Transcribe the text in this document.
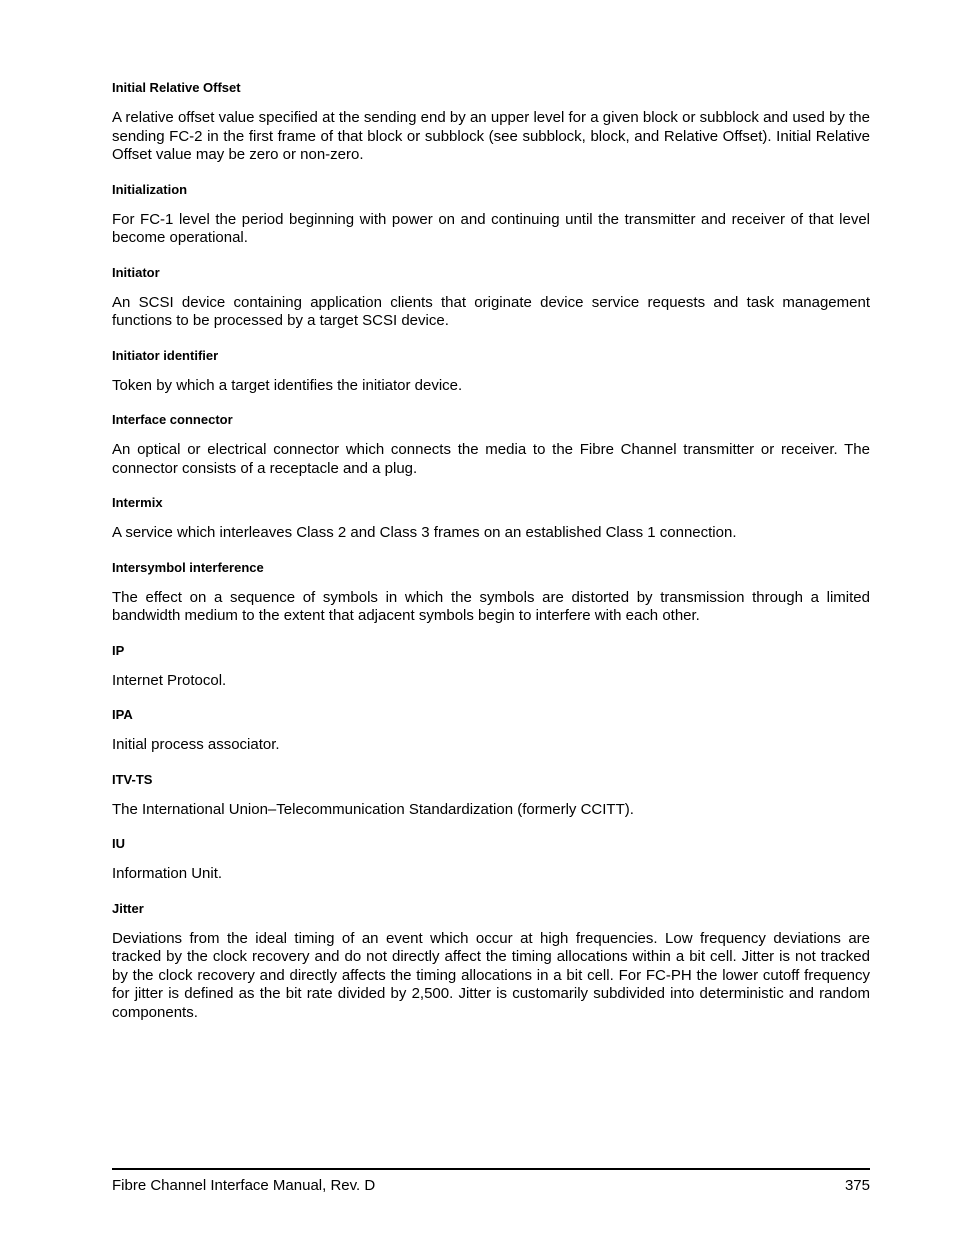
Initial Relative Offset

A relative offset value specified at the sending end by an upper level for a given block or subblock and used by the sending FC-2 in the first frame of that block or subblock (see subblock, block, and Relative Offset). Initial Relative Offset value may be zero or non-zero.

Initialization

For FC-1 level the period beginning with power on and continuing until the transmitter and receiver of that level become operational.

Initiator

An SCSI device containing application clients that originate device service requests and task management functions to be processed by a target SCSI device.

Initiator identifier

Token by which a target identifies the initiator device.

Interface connector

An optical or electrical connector which connects the media to the Fibre Channel transmitter or receiver. The connector consists of a receptacle and a plug.

Intermix

A service which interleaves Class 2 and Class 3 frames on an established Class 1 connection.

Intersymbol interference

The effect on a sequence of symbols in which the symbols are distorted by transmission through a limited bandwidth medium to the extent that adjacent symbols begin to interfere with each other.

IP

Internet Protocol.

IPA

Initial process associator.

ITV-TS

The International Union–Telecommunication Standardization (formerly CCITT).

IU

Information Unit.

Jitter

Deviations from the ideal timing of an event which occur at high frequencies. Low frequency deviations are tracked by the clock recovery and do not directly affect the timing allocations within a bit cell. Jitter is not tracked by the clock recovery and directly affects the timing allocations in a bit cell. For FC-PH the lower cutoff frequency for jitter is defined as the bit rate divided by 2,500. Jitter is customarily subdivided into deterministic and random components.

Fibre Channel Interface Manual, Rev. D	375
